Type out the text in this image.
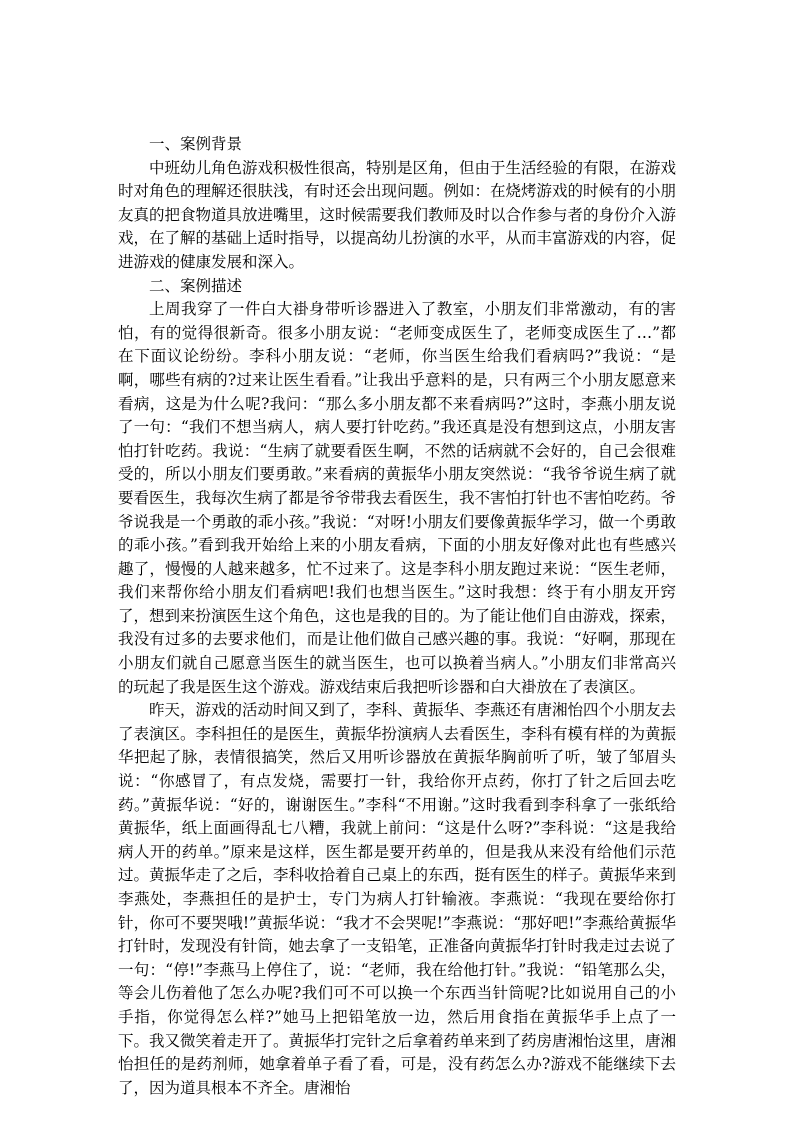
一、案例背景

中班幼儿角色游戏积极性很高，特别是区角，但由于生活经验的有限，在游戏时对角色的理解还很肤浅，有时还会出现问题。例如：在烧烤游戏的时候有的小朋友真的把食物道具放进嘴里，这时候需要我们教师及时以合作参与者的身份介入游戏，在了解的基础上适时指导，以提高幼儿扮演的水平，从而丰富游戏的内容，促进游戏的健康发展和深入。

二、案例描述

上周我穿了一件白大褂身带听诊器进入了教室，小朋友们非常激动，有的害怕，有的觉得很新奇。很多小朋友说：“老师变成医生了，老师变成医生了…”都在下面议论纷纷。李科小朋友说：“老师，你当医生给我们看病吗?”我说：“是啊，哪些有病的?过来让医生看看。”让我出乎意料的是，只有两三个小朋友愿意来看病，这是为什么呢?我问：“那么多小朋友都不来看病吗?”这时，李燕小朋友说了一句：“我们不想当病人，病人要打针吃药。”我还真是没有想到这点，小朋友害怕打针吃药。我说：“生病了就要看医生啊，不然的话病就不会好的，自己会很难受的，所以小朋友们要勇敢。”来看病的黄振华小朋友突然说：“我爷爷说生病了就要看医生，我每次生病了都是爷爷带我去看医生，我不害怕打针也不害怕吃药。爷爷说我是一个勇敢的乖小孩。”我说：“对呀!小朋友们要像黄振华学习，做一个勇敢的乖小孩。”看到我开始给上来的小朋友看病，下面的小朋友好像对此也有些感兴趣了，慢慢的人越来越多，忙不过来了。这是李科小朋友跑过来说：“医生老师，我们来帮你给小朋友们看病吧!我们也想当医生。”这时我想：终于有小朋友开窍了，想到来扮演医生这个角色，这也是我的目的。为了能让他们自由游戏，探索，我没有过多的去要求他们，而是让他们做自己感兴趣的事。我说：“好啊，那现在小朋友们就自己愿意当医生的就当医生，也可以换着当病人。”小朋友们非常高兴的玩起了我是医生这个游戏。游戏结束后我把听诊器和白大褂放在了表演区。

昨天，游戏的活动时间又到了，李科、黄振华、李燕还有唐湘怡四个小朋友去了表演区。李科担任的是医生，黄振华扮演病人去看医生，李科有模有样的为黄振华把起了脉，表情很搞笑，然后又用听诊器放在黄振华胸前听了听，皱了邹眉头说：“你感冒了，有点发烧，需要打一针，我给你开点药，你打了针之后回去吃药。”黄振华说：“好的，谢谢医生。”李科“不用谢。”这时我看到李科拿了一张纸给黄振华，纸上面画得乱七八糟，我就上前问：“这是什么呀?”李科说：“这是我给病人开的药单。”原来是这样，医生都是要开药单的，但是我从来没有给他们示范过。黄振华走了之后，李科收拾着自己桌上的东西，挺有医生的样子。黄振华来到李燕处，李燕担任的是护士，专门为病人打针输液。李燕说：“我现在要给你打针，你可不要哭哦!”黄振华说：“我才不会哭呢!”李燕说：“那好吧!”李燕给黄振华打针时，发现没有针筒，她去拿了一支铅笔，正准备向黄振华打针时我走过去说了一句：“停!”李燕马上停住了，说：“老师，我在给他打针。”我说：“铅笔那么尖，等会儿伤着他了怎么办呢?我们可不可以换一个东西当针筒呢?比如说用自己的小手指，你觉得怎么样?”她马上把铅笔放一边，然后用食指在黄振华手上点了一下。我又微笑着走开了。黄振华打完针之后拿着药单来到了药房唐湘怡这里，唐湘怡担任的是药剂师，她拿着单子看了看，可是，没有药怎么办?游戏不能继续下去了，因为道具根本不齐全。唐湘怡
